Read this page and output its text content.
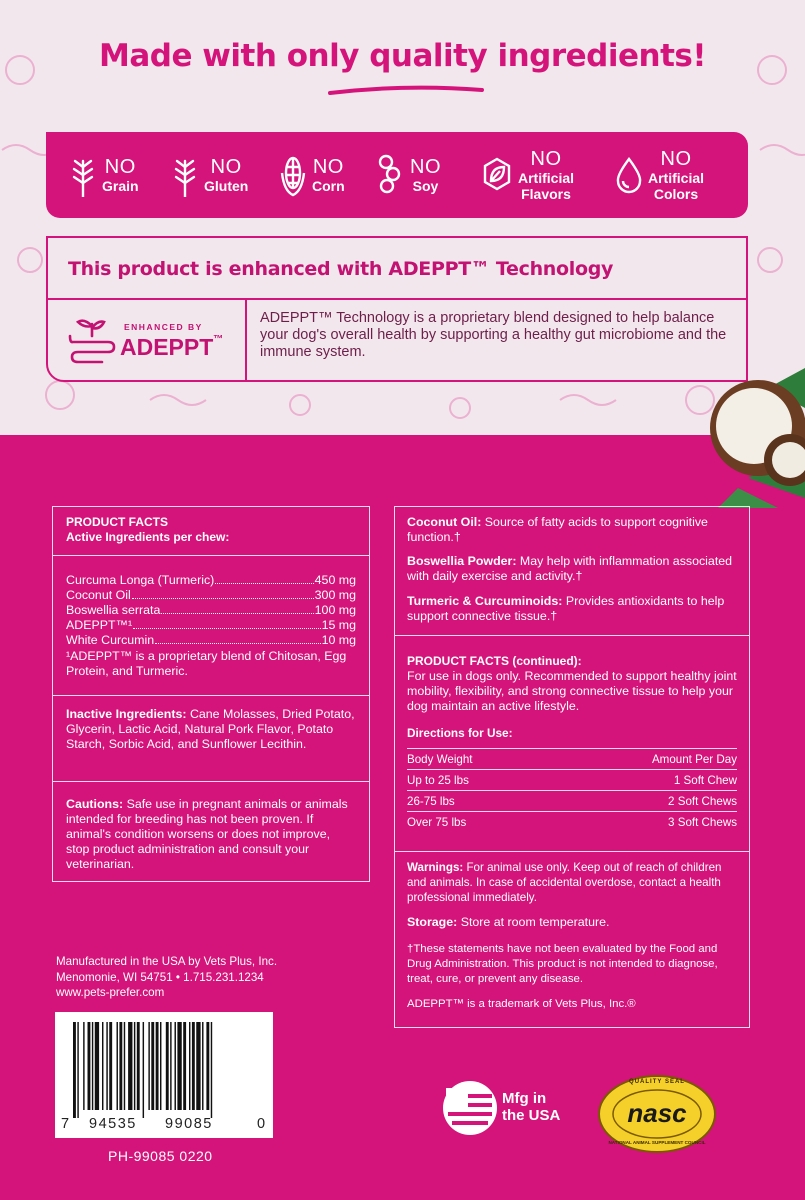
Made with only quality ingredients!
NO
Grain
NO
Gluten
NO
Corn
NO
Soy
NO
Artificial
Flavors
NO
Artificial
Colors
This product is enhanced with ADEPPT™ Technology
ENHANCED BY
ADEPPT™
ADEPPT™ Technology is a proprietary blend designed to help balance your dog's overall health by supporting a healthy gut microbiome and the immune system.
PRODUCT FACTS
Active Ingredients per chew:
Curcuma Longa (Turmeric)	450 mg
Coconut Oil	300 mg
Boswellia serrata	100 mg
ADEPPT™¹	15 mg
White Curcumin	10 mg
¹ADEPPT™ is a proprietary blend of Chitosan, Egg Protein, and Turmeric.
Inactive Ingredients: Cane Molasses, Dried Potato, Glycerin, Lactic Acid, Natural Pork Flavor, Potato Starch, Sorbic Acid, and Sunflower Lecithin.
Cautions: Safe use in pregnant animals or animals intended for breeding has not been proven. If animal's condition worsens or does not improve, stop product administration and consult your veterinarian.
Coconut Oil: Source of fatty acids to support cognitive function.†
Boswellia Powder: May help with inflammation associated with daily exercise and activity.†
Turmeric & Curcuminoids: Provides antioxidants to help support connective tissue.†
PRODUCT FACTS (continued):
For use in dogs only. Recommended to support healthy joint mobility, flexibility, and strong connective tissue to help your dog maintain an active lifestyle.
Directions for Use:
Body Weight	Amount Per Day
Up to 25 lbs	1 Soft Chew
26-75 lbs	2 Soft Chews
Over 75 lbs	3 Soft Chews
Warnings: For animal use only. Keep out of reach of children and animals. In case of accidental overdose, contact a health professional immediately.
Storage: Store at room temperature.
†These statements have not been evaluated by the Food and Drug Administration. This product is not intended to diagnose, treat, cure, or prevent any disease.
ADEPPT™ is a trademark of Vets Plus, Inc.®
Manufactured in the USA by Vets Plus, Inc.
Menomonie, WI 54751 • 1.715.231.1234
www.pets-prefer.com
7 94535 99085	0
PH-99085 0220
Mfg in
the USA
QUALITY SEAL
nasc
NATIONAL ANIMAL SUPPLEMENT COUNCIL
